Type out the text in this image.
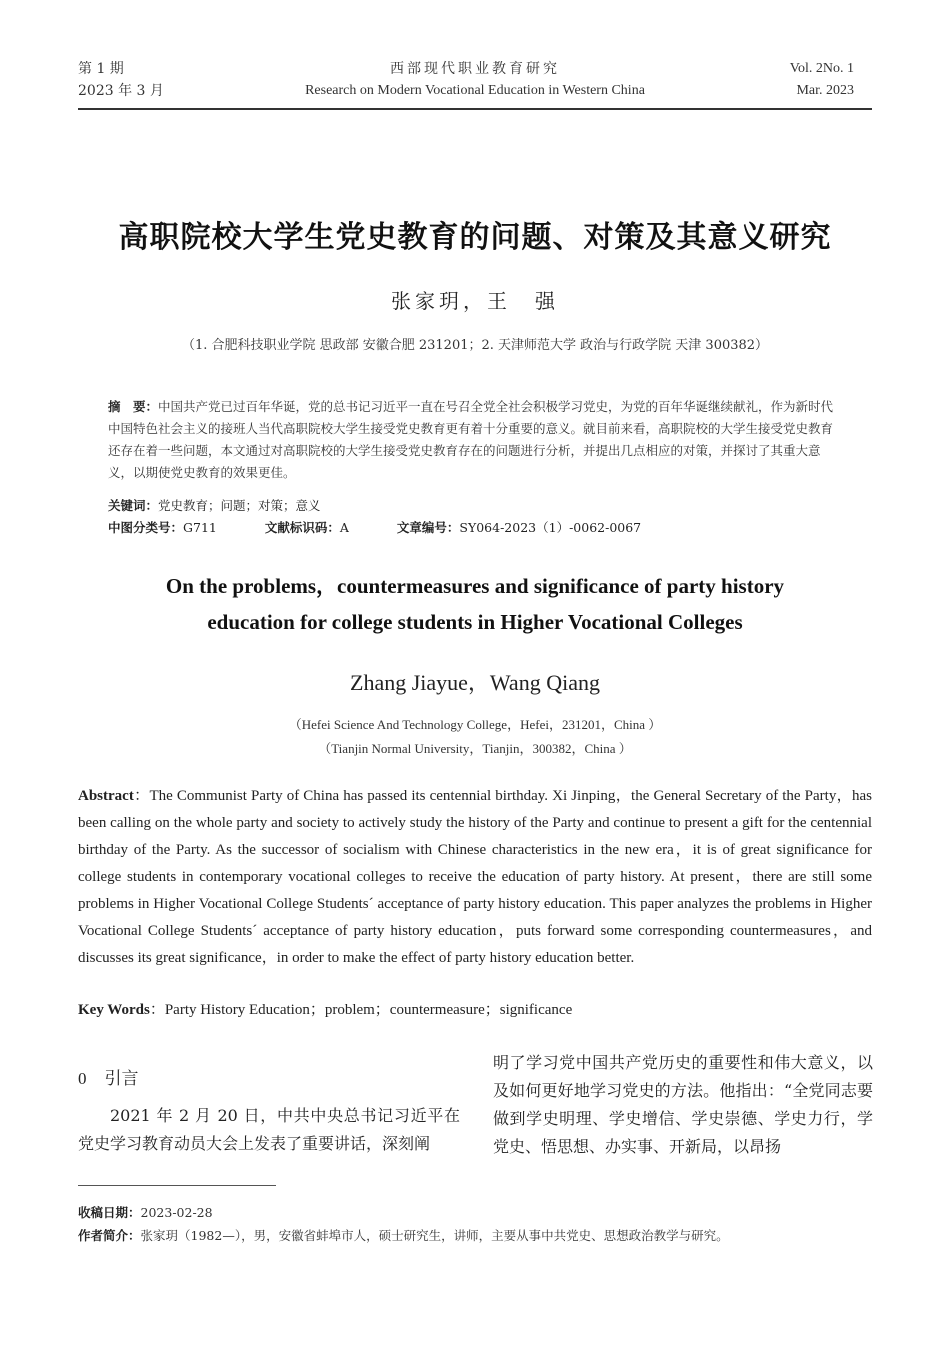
第 1 期
2023 年 3 月
西部现代职业教育研究
Research on Modern Vocational Education in Western China
Vol. 2No. 1
Mar. 2023
高职院校大学生党史教育的问题、对策及其意义研究
张家玥，王　强
（1. 合肥科技职业学院 思政部 安徽合肥 231201；2. 天津师范大学 政治与行政学院 天津 300382）
摘　要：中国共产党已过百年华诞，党的总书记习近平一直在号召全党全社会积极学习党史，为党的百年华诞继续献礼，作为新时代中国特色社会主义的接班人当代高职院校大学生接受党史教育更有着十分重要的意义。就目前来看，高职院校的大学生接受党史教育还存在着一些问题，本文通过对高职院校的大学生接受党史教育存在的问题进行分析，并提出几点相应的对策，并探讨了其重大意义，以期使党史教育的效果更佳。
关键词：党史教育；问题；对策；意义
中图分类号：G711	文献标识码：A	文章编号：SY064-2023（1）-0062-0067
On the problems，countermeasures and significance of party history
education for college students in Higher Vocational Colleges
Zhang Jiayue，Wang Qiang
（Hefei Science And Technology College，Hefei，231201，China ）
（Tianjin Normal University，Tianjin，300382，China ）
Abstract：The Communist Party of China has passed its centennial birthday. Xi Jinping，the General Secretary of the Party，has been calling on the whole party and society to actively study the history of the Party and continue to present a gift for the centennial birthday of the Party. As the successor of socialism with Chinese characteristics in the new era，it is of great significance for college students in contemporary vocational colleges to receive the education of party history. At present，there are still some problems in Higher Vocational College Students´ acceptance of party history education. This paper analyzes the problems in Higher Vocational College Students´ acceptance of party history education，puts forward some corresponding countermeasures，and discusses its great significance，in order to make the effect of party history education better.
Key Words：Party History Education；problem；countermeasure；significance
0 引言
2021 年 2 月 20 日，中共中央总书记习近平在党史学习教育动员大会上发表了重要讲话，深刻阐
明了学习党中国共产党历史的重要性和伟大意义，以及如何更好地学习党史的方法。他指出：“全党同志要做到学史明理、学史增信、学史崇德、学史力行，学党史、悟思想、办实事、开新局，以昂扬
收稿日期：2023-02-28
作者简介：张家玥（1982—），男，安徽省蚌埠市人，硕士研究生，讲师，主要从事中共党史、思想政治教学与研究。
